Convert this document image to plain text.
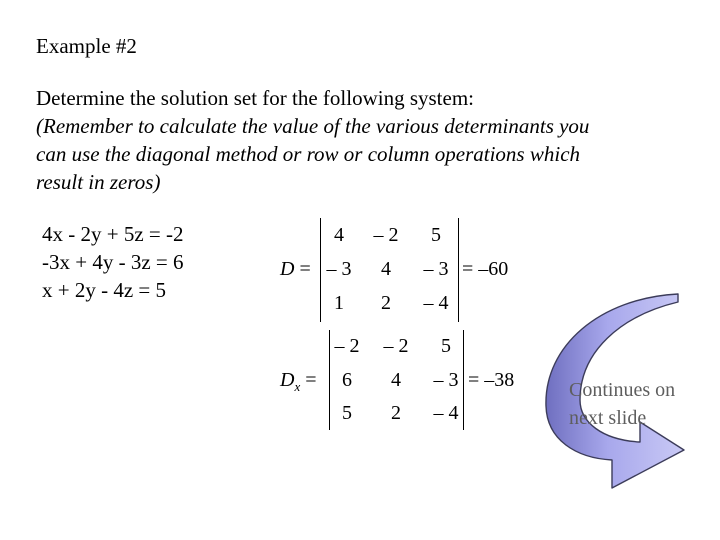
Example #2
Determine the solution set for the following system:
(Remember to calculate the value of the various determinants you
can use the diagonal method or row or column operations which
result in zeros)
4x - 2y + 5z = -2
-3x + 4y - 3z = 6
x + 2y - 4z = 5
D =
4	– 2	5
– 3	4	– 3
1	2	– 4
= –60
$D_x$ =
– 2	– 2	5
6	4	– 3
5	2	– 4
= –38	Continues on
next slide
